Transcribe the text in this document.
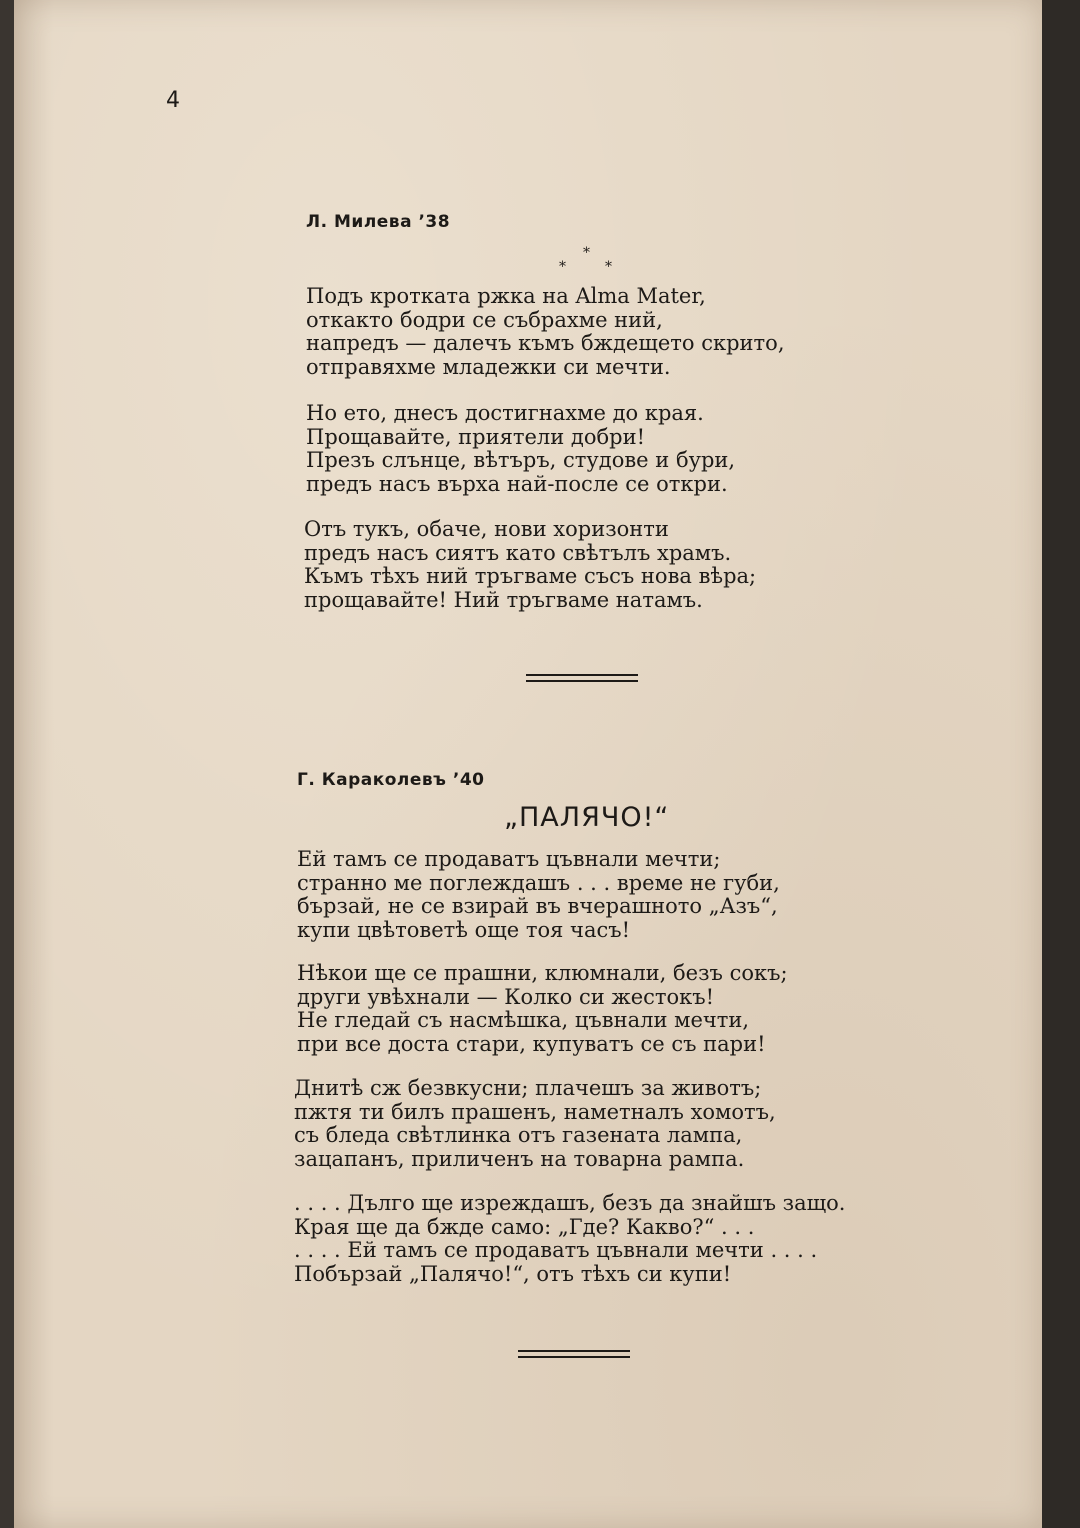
4
Л. Милева ’38
*
*	*
Подъ кротката ржка на Alma Mater,
откакто бодри се събрахме ний,
напредъ — далечъ къмъ бждещето скрито,
отправяхме младежки си мечти.
Но ето, днесъ достигнахме до края.
Прощавайте, приятели добри!
Презъ слънце, вѣтъръ, студове и бури,
предъ насъ върха най-после се откри.
Отъ тукъ, обаче, нови хоризонти
предъ насъ сиятъ като свѣтълъ храмъ.
Къмъ тѣхъ ний тръгваме съсъ нова вѣра;
прощавайте! Ний тръгваме натамъ.
Г. Караколевъ ’40
„ПАЛЯЧО!“
Ей тамъ се продаватъ цъвнали мечти;
странно ме поглеждашъ . . . време не губи,
бързай, не се взирай въ вчерашното „Азъ“,
купи цвѣтоветѣ още тоя часъ!
Нѣкои ще се прашни, клюмнали, безъ сокъ;
други увѣхнали — Колко си жестокъ!
Не гледай съ насмѣшка, цъвнали мечти,
при все доста стари, купуватъ се съ пари!
Днитѣ сж безвкусни; плачешъ за животъ;
пжтя ти билъ прашенъ, наметналъ хомотъ,
съ бледа свѣтлинка отъ газената лампа,
зацапанъ, приличенъ на товарна рампа.
. . . . Дълго ще изреждашъ, безъ да знайшъ защо.
Края ще да бжде само: „Где? Какво?“ . . .
. . . . Ей тамъ се продаватъ цъвнали мечти . . . .
Побързай „Палячо!“, отъ тѣхъ си купи!
